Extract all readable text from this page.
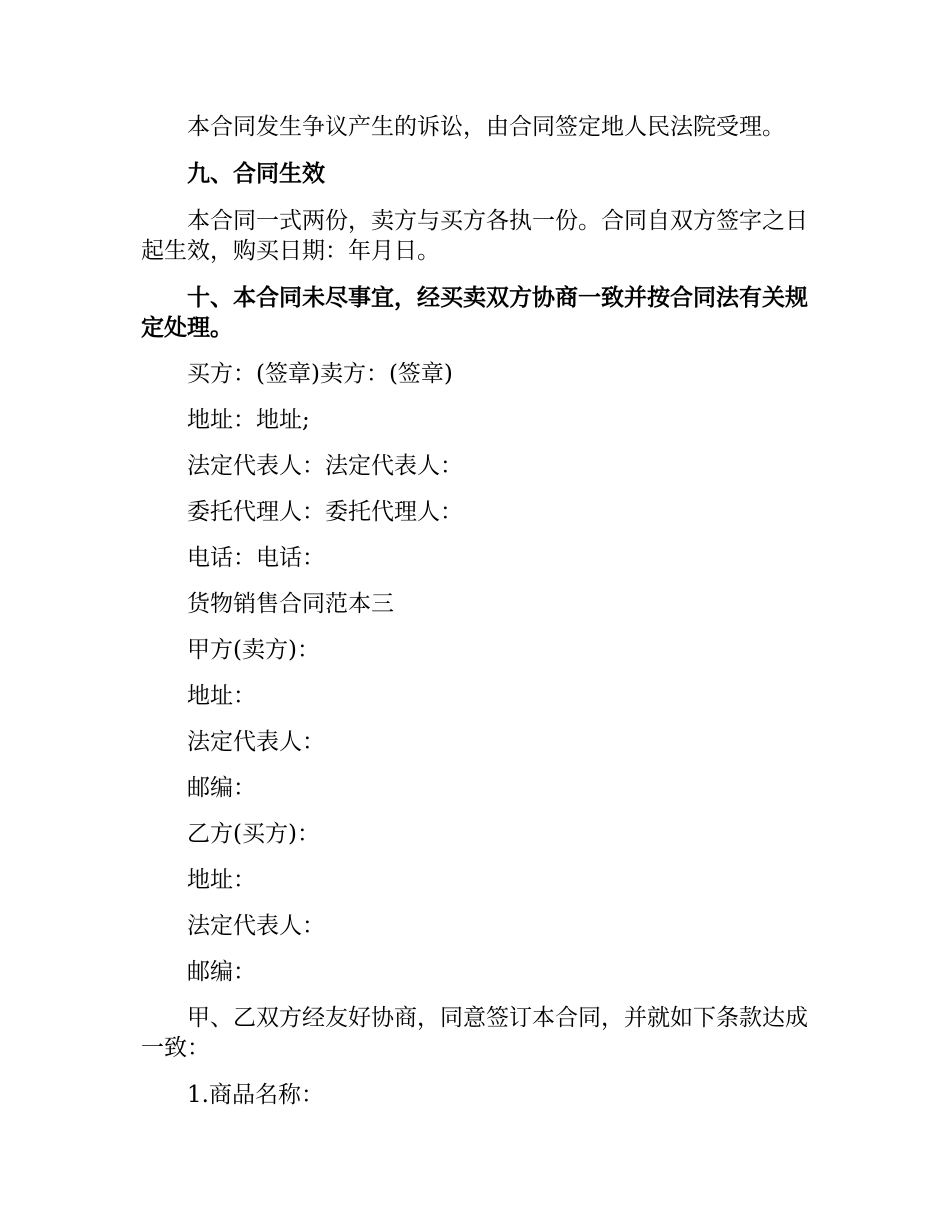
本合同发生争议产生的诉讼，由合同签定地人民法院受理。

九、合同生效

本合同一式两份，卖方与买方各执一份。合同自双方签字之日起生效，购买日期：年月日。

十、本合同未尽事宜，经买卖双方协商一致并按合同法有关规定处理。

买方：(签章)卖方：(签章)

地址：地址;

法定代表人：法定代表人：

委托代理人：委托代理人：

电话：电话：

货物销售合同范本三

甲方(卖方)：

地址：

法定代表人：

邮编：

乙方(买方)：

地址：

法定代表人：

邮编：

甲、乙双方经友好协商，同意签订本合同，并就如下条款达成一致：

1.商品名称：
